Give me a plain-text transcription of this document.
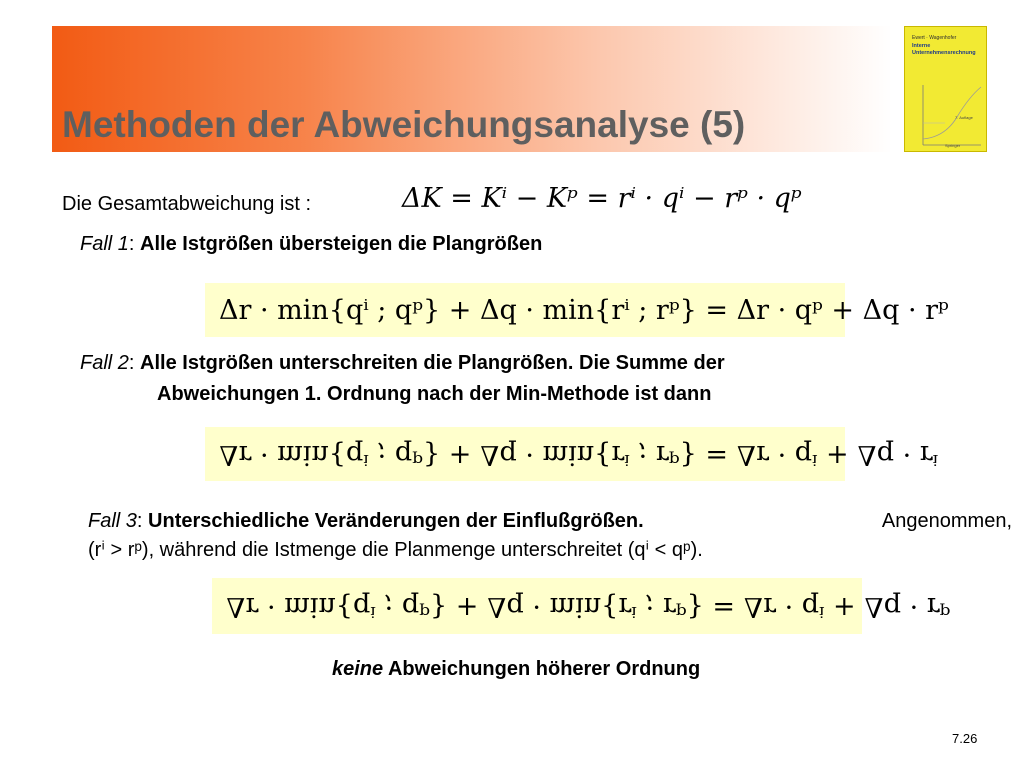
Methoden der Abweichungsanalyse (5)
Ewert · Wagenhofer
Interne
Unternehmensrechnung
7. Auflage
Springer
Die Gesamtabweichung ist :	ΔK = Kⁱ − Kᵖ = rⁱ · qⁱ − rᵖ · qᵖ
Fall 1: Alle Istgrößen übersteigen die Plangrößen
Δr · min{qⁱ ; qᵖ} + Δq · min{rⁱ ; rᵖ} = Δr · qᵖ + Δq · rᵖ
Fall 2: Alle Istgrößen unterschreiten die Plangrößen. Die Summe der
Abweichungen 1. Ordnung nach der Min-Methode ist dann
Δr · min{qⁱ ; qᵖ} + Δq · min{rⁱ ; rᵖ} = Δr · qⁱ + Δq · rⁱ
Fall 3: Unterschiedliche Veränderungen der Einflußgrößen.	Angenommen,
(rⁱ > rᵖ), während die Istmenge die Planmenge unterschreitet (qⁱ < qᵖ).
Δr · min{qⁱ ; qᵖ} + Δq · min{rⁱ ; rᵖ} = Δr · qⁱ + Δq · rᵖ
keine Abweichungen höherer Ordnung
7.26
